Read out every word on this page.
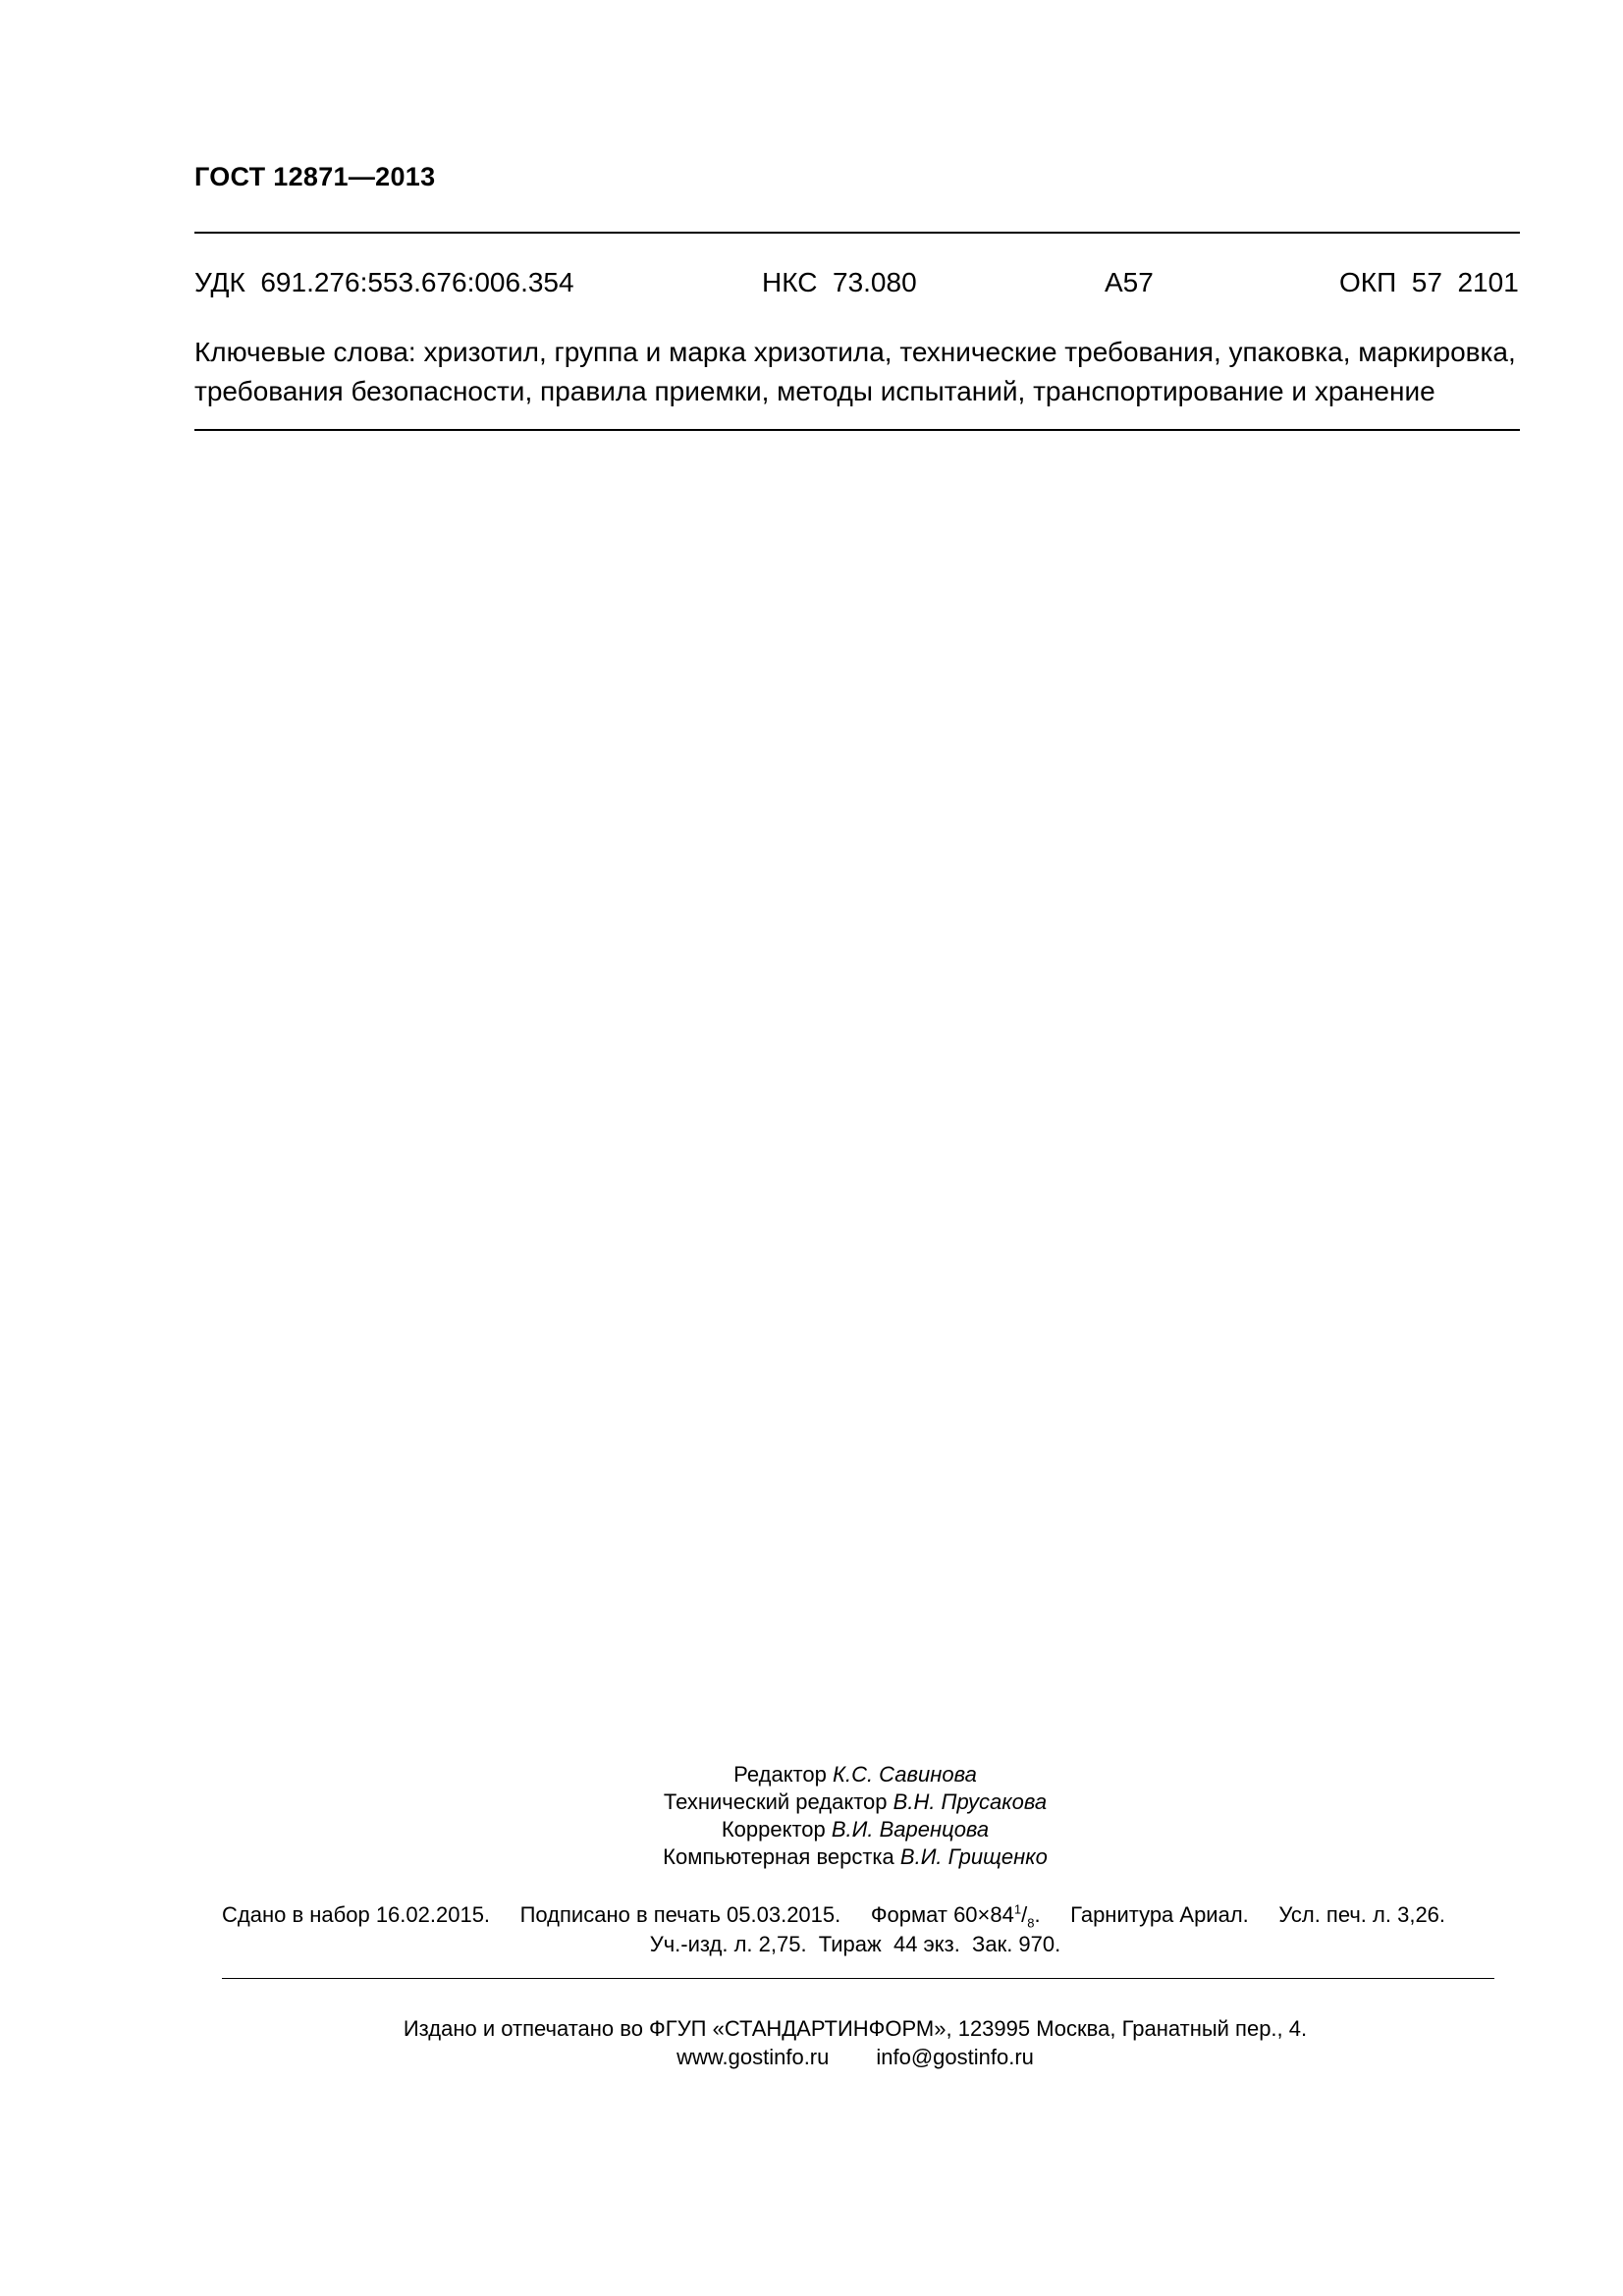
ГОСТ 12871—2013
УДК  691.276:553.676:006.354	НКС  73.080	А57	ОКП  57  2101
Ключевые слова: хризотил, группа и марка хризотила, технические требования, упаковка, маркировка,
требования безопасности, правила приемки, методы испытаний, транспортирование и хранение
Редактор К.С. Савинова
Технический редактор В.Н. Прусакова
Корректор В.И. Варенцова
Компьютерная верстка В.И. Грищенко
Сдано в набор 16.02.2015. Подписано в печать 05.03.2015. Формат $60\times 84^1/_8$. Гарнитура Ариал. Усл. печ. л. 3,26.
Уч.-изд. л. 2,75.  Тираж  44 экз.  Зак. 970.
Издано и отпечатано во ФГУП «СТАНДАРТИНФОРМ», 123995 Москва, Гранатный пер., 4.
www.gostinfo.ru info@gostinfo.ru
